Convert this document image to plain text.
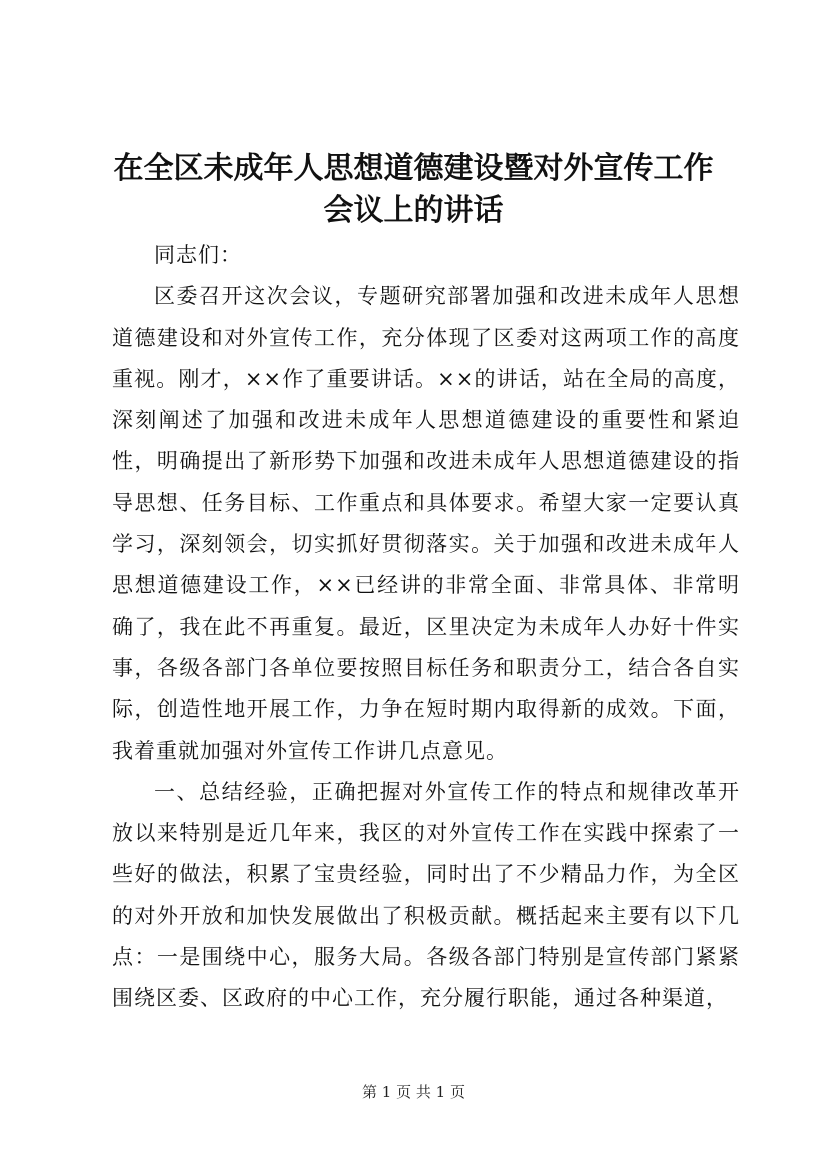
在全区未成年人思想道德建设暨对外宣传工作
会议上的讲话

同志们：

区委召开这次会议，专题研究部署加强和改进未成年人思想道德建设和对外宣传工作，充分体现了区委对这两项工作的高度重视。刚才，××作了重要讲话。××的讲话，站在全局的高度，深刻阐述了加强和改进未成年人思想道德建设的重要性和紧迫性，明确提出了新形势下加强和改进未成年人思想道德建设的指导思想、任务目标、工作重点和具体要求。希望大家一定要认真学习，深刻领会，切实抓好贯彻落实。关于加强和改进未成年人思想道德建设工作，××已经讲的非常全面、非常具体、非常明确了，我在此不再重复。最近，区里决定为未成年人办好十件实事，各级各部门各单位要按照目标任务和职责分工，结合各自实际，创造性地开展工作，力争在短时期内取得新的成效。下面，我着重就加强对外宣传工作讲几点意见。

一、总结经验，正确把握对外宣传工作的特点和规律改革开放以来特别是近几年来，我区的对外宣传工作在实践中探索了一些好的做法，积累了宝贵经验，同时出了不少精品力作，为全区的对外开放和加快发展做出了积极贡献。概括起来主要有以下几点：一是围绕中心，服务大局。各级各部门特别是宣传部门紧紧围绕区委、区政府的中心工作，充分履行职能，通过各种渠道，

第 1 页 共 1 页
